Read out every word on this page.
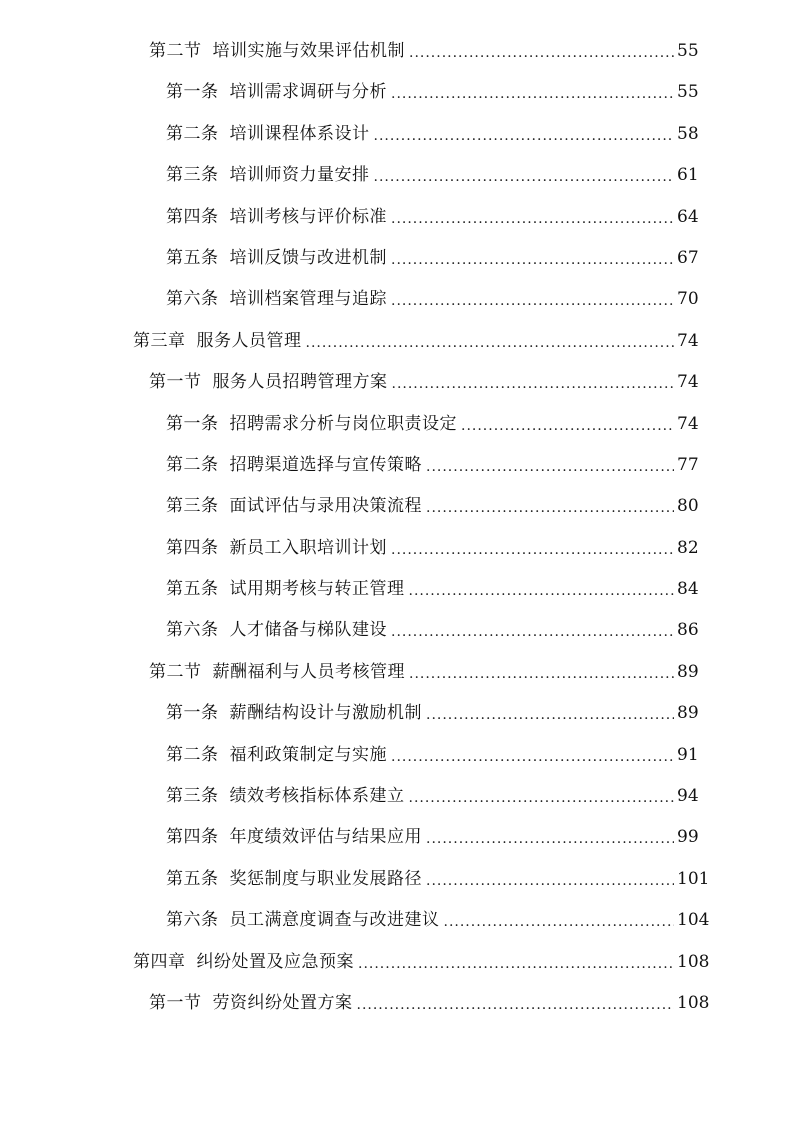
第二节 培训实施与效果评估机制 .....	55
第一条 培训需求调研与分析 .....	55
第二条 培训课程体系设计 .....	58
第三条 培训师资力量安排 .....	61
第四条 培训考核与评价标准 .....	64
第五条 培训反馈与改进机制 .....	67
第六条 培训档案管理与追踪 .....	70
第三章 服务人员管理 .....	74
第一节 服务人员招聘管理方案 .....	74
第一条 招聘需求分析与岗位职责设定 .....	74
第二条 招聘渠道选择与宣传策略 .....	77
第三条 面试评估与录用决策流程 .....	80
第四条 新员工入职培训计划 .....	82
第五条 试用期考核与转正管理 .....	84
第六条 人才储备与梯队建设 .....	86
第二节 薪酬福利与人员考核管理 .....	89
第一条 薪酬结构设计与激励机制 .....	89
第二条 福利政策制定与实施 .....	91
第三条 绩效考核指标体系建立 .....	94
第四条 年度绩效评估与结果应用 .....	99
第五条 奖惩制度与职业发展路径 .....	101
第六条 员工满意度调查与改进建议 .....	104
第四章 纠纷处置及应急预案 .....	108
第一节 劳资纠纷处置方案 .....	108
